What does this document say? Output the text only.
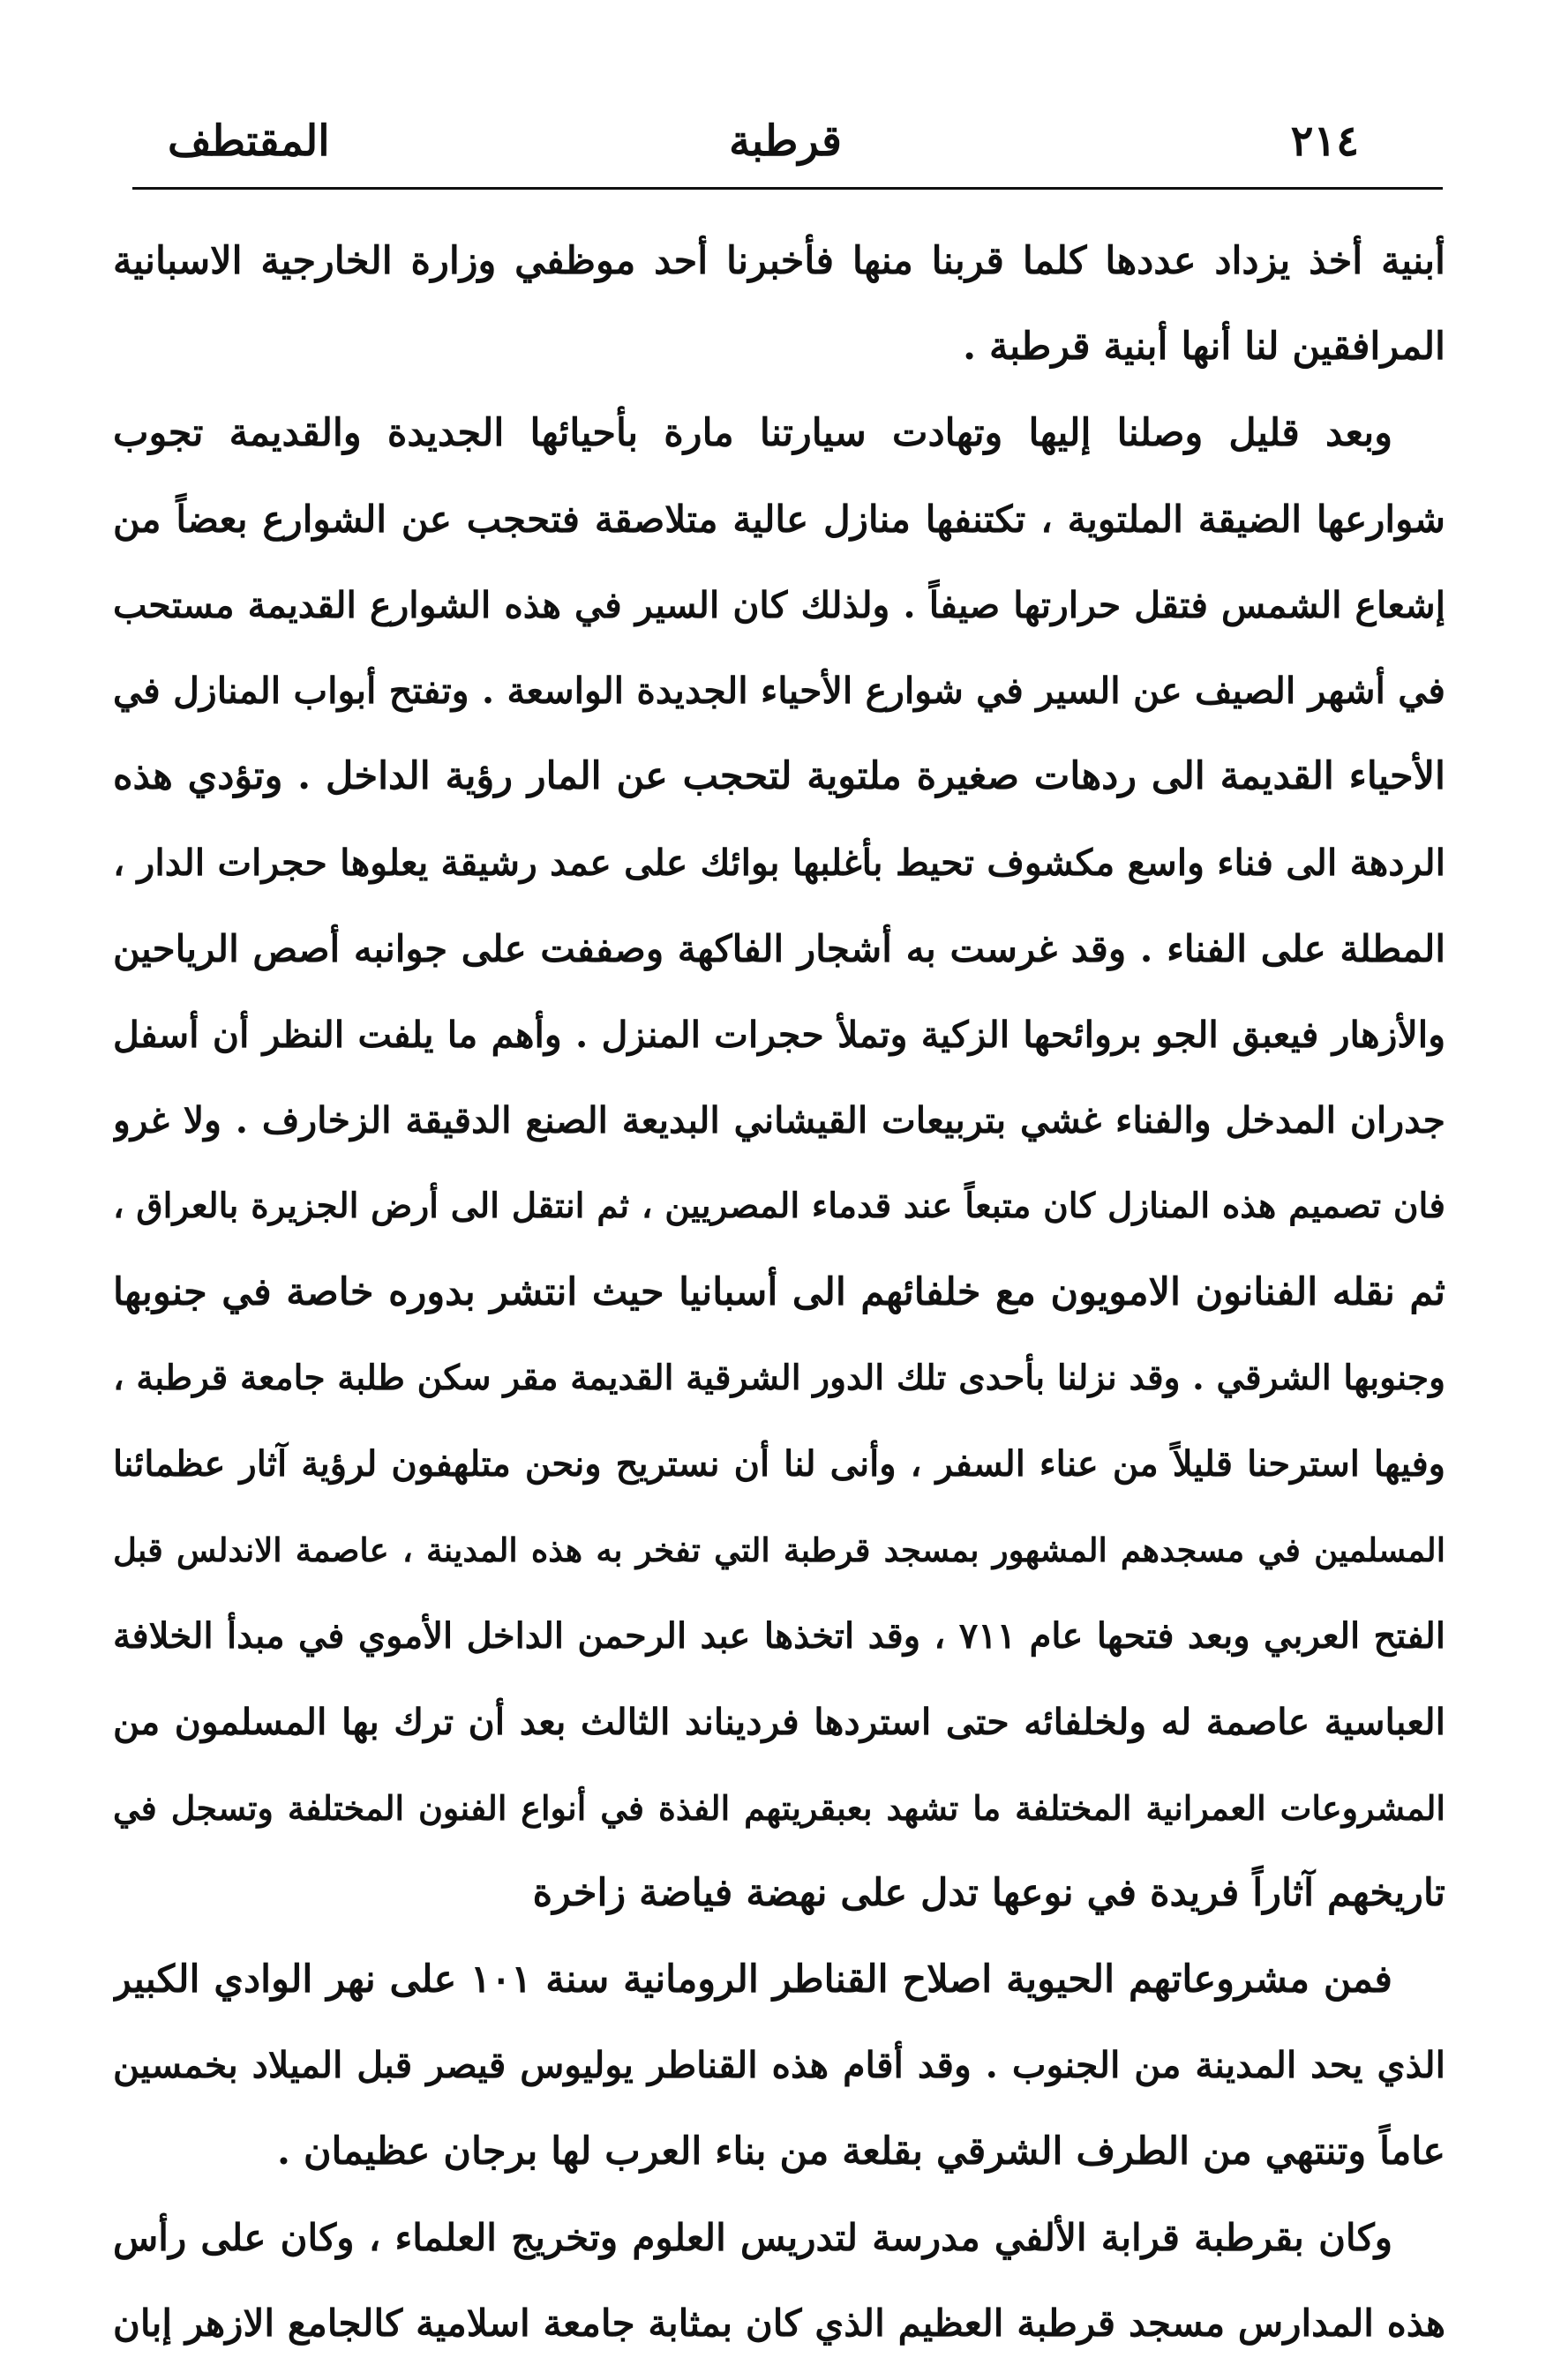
٢١٤
قرطبة
المقتطف
أبنية أخذ يزداد عددها كلما قربنا منها فأخبرنا أحد موظفي وزارة الخارجية الاسبانية
المرافقين لنا أنها أبنية قرطبة .
وبعد قليل وصلنا إليها وتهادت سيارتنا مارة بأحيائها الجديدة والقديمة تجوب
شوارعها الضيقة الملتوية ، تكتنفها منازل عالية متلاصقة فتحجب عن الشوارع بعضاً من
إشعاع الشمس فتقل حرارتها صيفاً . ولذلك كان السير في هذه الشوارع القديمة مستحب
في أشهر الصيف عن السير في شوارع الأحياء الجديدة الواسعة . وتفتح أبواب المنازل في
الأحياء القديمة الى ردهات صغيرة ملتوية لتحجب عن المار رؤية الداخل . وتؤدي هذه
الردهة الى فناء واسع مكشوف تحيط بأغلبها بوائك على عمد رشيقة يعلوها حجرات الدار ،
المطلة على الفناء . وقد غرست به أشجار الفاكهة وصففت على جوانبه أصص الرياحين
والأزهار فيعبق الجو بروائحها الزكية وتملأ حجرات المنزل . وأهم ما يلفت النظر أن أسفل
جدران المدخل والفناء غشي بتربيعات القيشاني البديعة الصنع الدقيقة الزخارف . ولا غرو
فان تصميم هذه المنازل كان متبعاً عند قدماء المصريين ، ثم انتقل الى أرض الجزيرة بالعراق ،
ثم نقله الفنانون الامويون مع خلفائهم الى أسبانيا حيث انتشر بدوره خاصة في جنوبها
وجنوبها الشرقي . وقد نزلنا بأحدى تلك الدور الشرقية القديمة مقر سكن طلبة جامعة قرطبة ،
وفيها استرحنا قليلاً من عناء السفر ، وأنى لنا أن نستريح ونحن متلهفون لرؤية آثار عظمائنا
المسلمين في مسجدهم المشهور بمسجد قرطبة التي تفخر به هذه المدينة ، عاصمة الاندلس قبل
الفتح العربي وبعد فتحها عام ٧١١ ، وقد اتخذها عبد الرحمن الداخل الأموي في مبدأ الخلافة
العباسية عاصمة له ولخلفائه حتى استردها فرديناند الثالث بعد أن ترك بها المسلمون من
المشروعات العمرانية المختلفة ما تشهد بعبقريتهم الفذة في أنواع الفنون المختلفة وتسجل في
تاريخهم آثاراً فريدة في نوعها تدل على نهضة فياضة زاخرة
فمن مشروعاتهم الحيوية اصلاح القناطر الرومانية سنة ١٠١ على نهر الوادي الكبير
الذي يحد المدينة من الجنوب . وقد أقام هذه القناطر يوليوس قيصر قبل الميلاد بخمسين
عاماً وتنتهي من الطرف الشرقي بقلعة من بناء العرب لها برجان عظيمان .
وكان بقرطبة قرابة الألفي مدرسة لتدريس العلوم وتخريج العلماء ، وكان على رأس
هذه المدارس مسجد قرطبة العظيم الذي كان بمثابة جامعة اسلامية كالجامع الازهر إبان
